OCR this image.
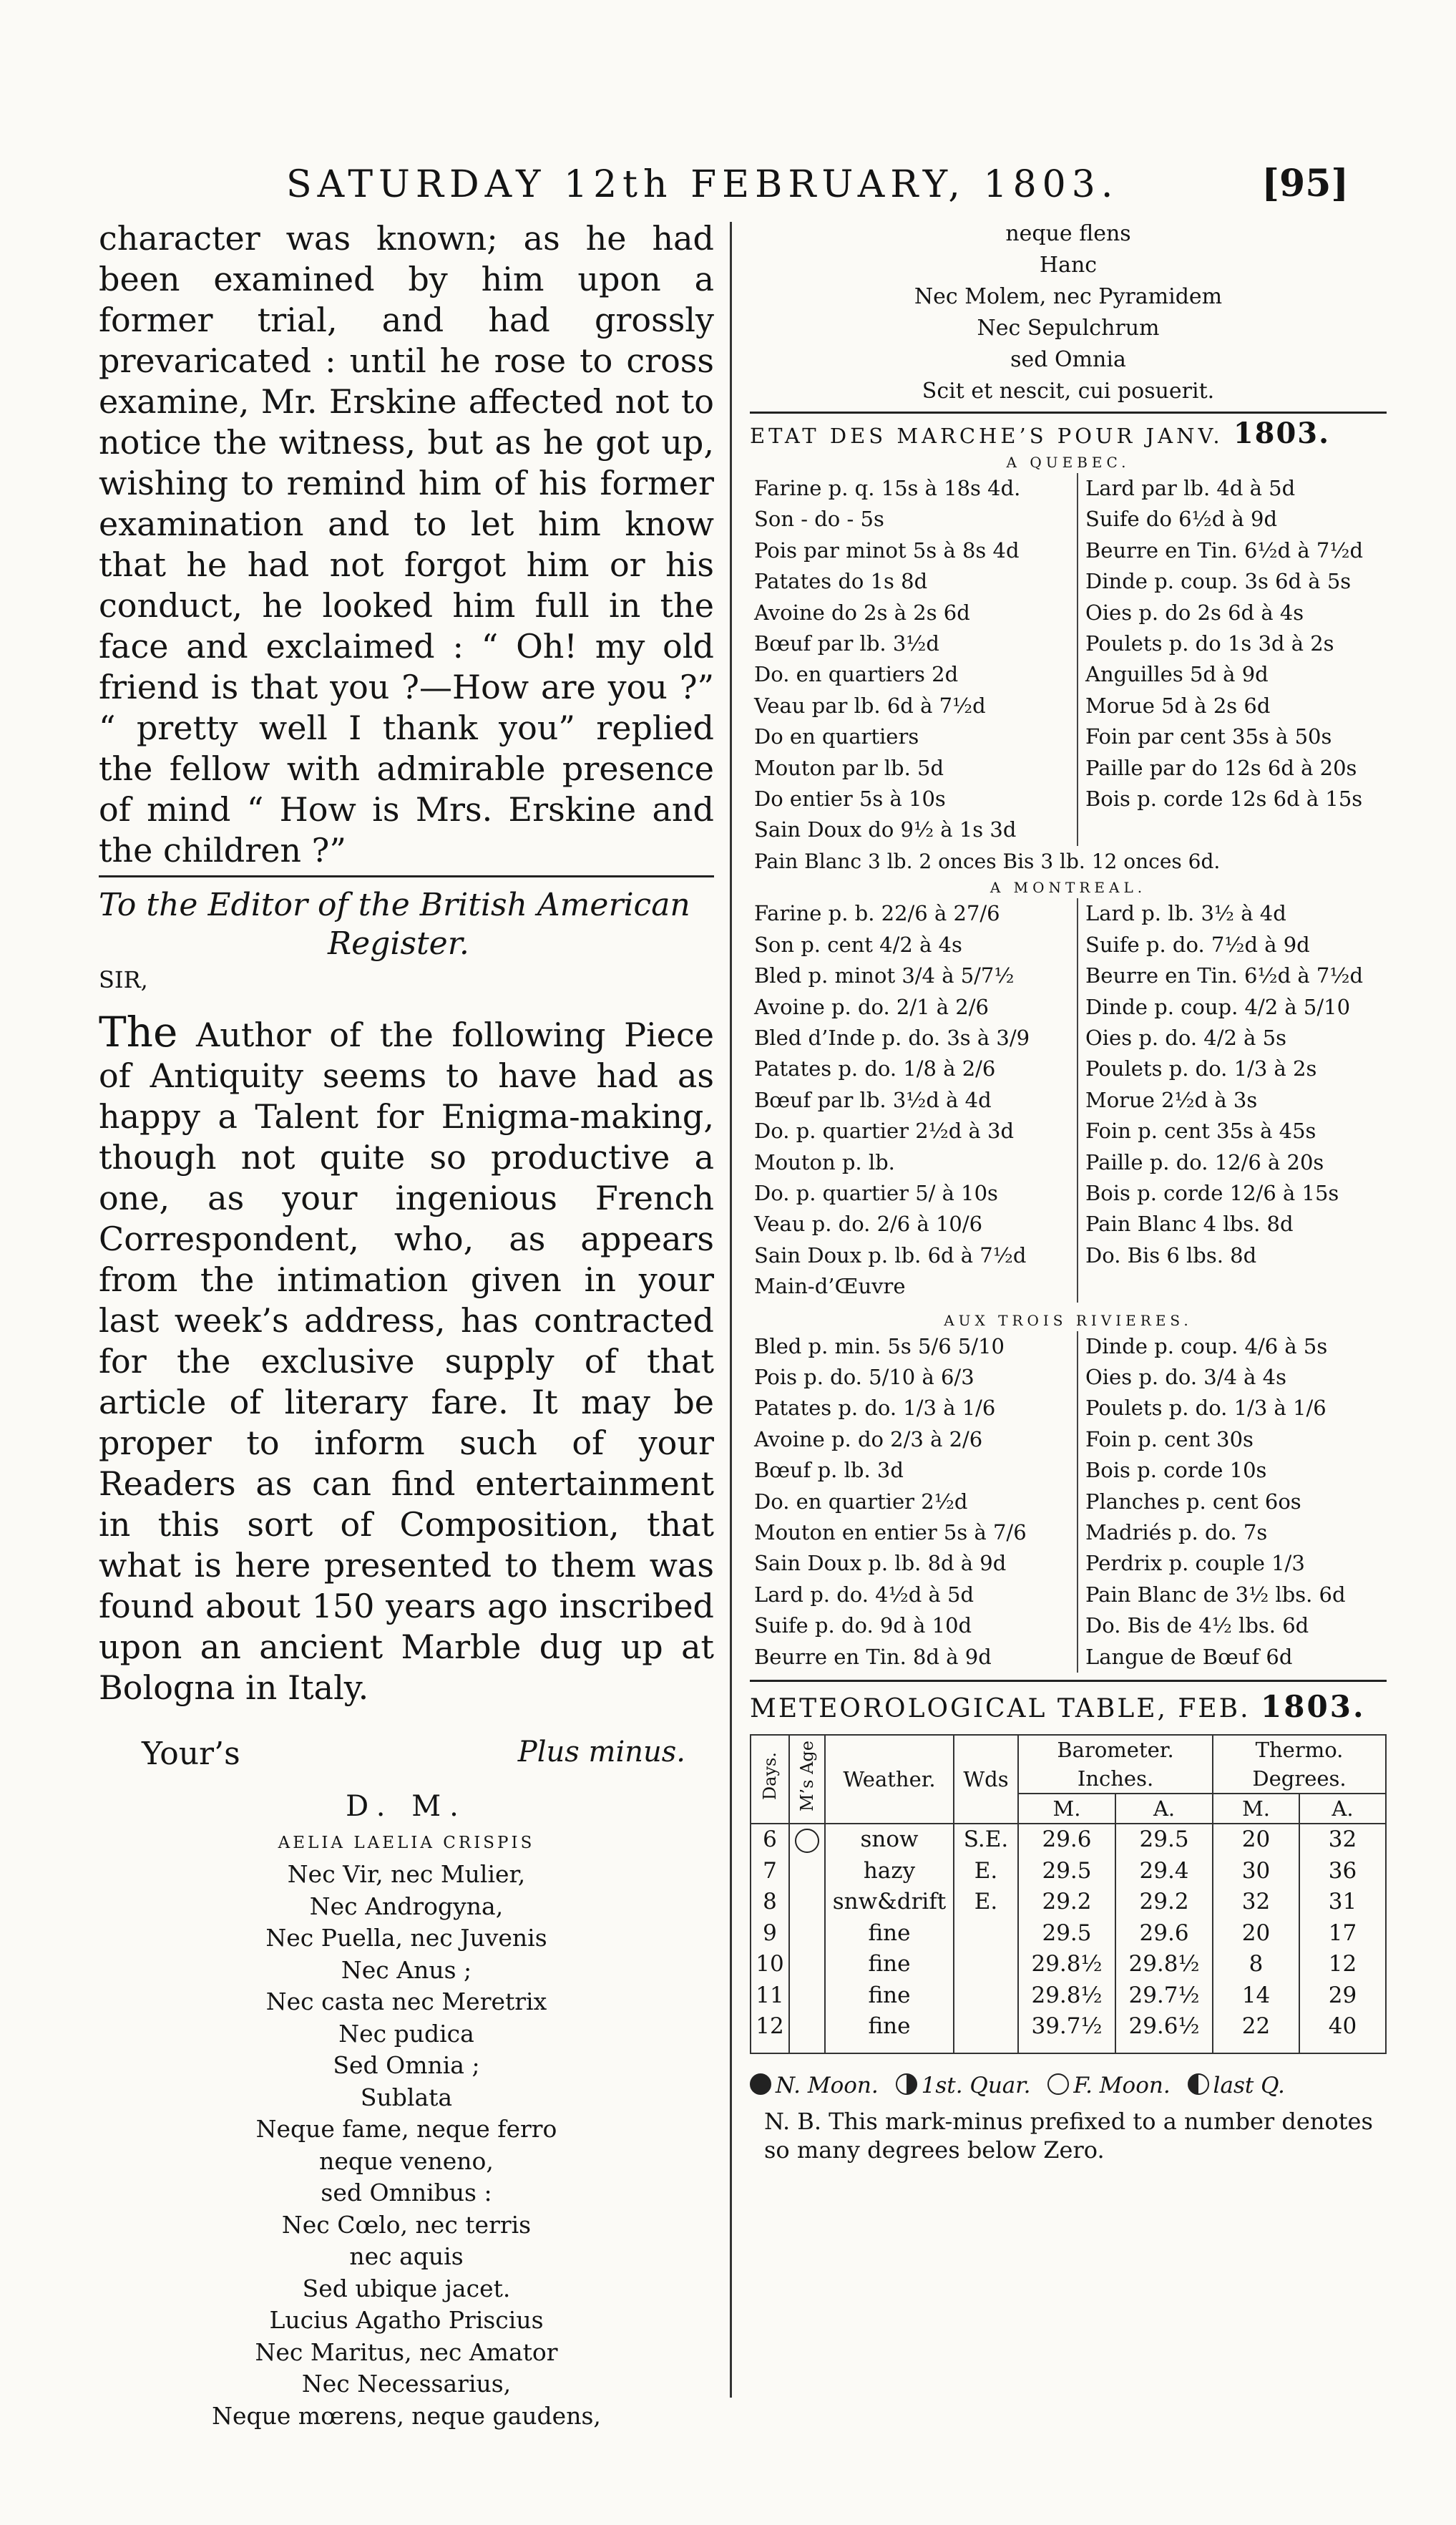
SATURDAY 12th FEBRUARY, 1803.	[95]

character was known; as he had been examined by him upon a former trial, and had grossly prevaricated : until he rose to cross examine, Mr. Erskine affected not to notice the witness, but as he got up, wishing to remind him of his former examination and to let him know that he had not forgot him or his conduct, he looked him full in the face and exclaimed : “ Oh! my old friend is that you ?—How are you ?” “ pretty well I thank you” replied the fellow with admirable presence of mind “ How is Mrs. Erskine and the children ?”

To the Editor of the British American
Register.
SIR,

The Author of the following Piece of Antiquity seems to have had as happy a Talent for Enigma-making, though not quite so productive a one, as your ingenious French Correspondent, who, as appears from the intimation given in your last week’s address, has contracted for the exclusive supply of that article of literary fare. It may be proper to inform such of your Readers as can find entertainment in this sort of Composition, that what is here presented to them was found about 150 years ago inscribed upon an ancient Marble dug up at Bologna in Italy.

Your’s	Plus minus.
D. M.
AELIA LAELIA CRISPIS
Nec Vir, nec Mulier,
Nec Androgyna,
Nec Puella, nec Juvenis
Nec Anus ;
Nec casta nec Meretrix
Nec pudica
Sed Omnia ;
Sublata
Neque fame, neque ferro
neque veneno,
sed Omnibus :
Nec Cœlo, nec terris
nec aquis
Sed ubique jacet.
Lucius Agatho Priscius
Nec Maritus, nec Amator
Nec Necessarius,
Neque mœrens, neque gaudens,
neque flens
Hanc
Nec Molem, nec Pyramidem
Nec Sepulchrum
sed Omnia
Scit et nescit, cui posuerit.
ETAT DES MARCHE’S POUR JANV. 1803.
A QUEBEC.
Farine p. q. 15s à 18s 4d.	Lard par lb. 4d à 5d
Son - do - 5s	Suife do 6½d à 9d
Pois par minot 5s à 8s 4d	Beurre en Tin. 6½d à 7½d
Patates do 1s 8d	Dinde p. coup. 3s 6d à 5s
Avoine do 2s à 2s 6d	Oies p. do 2s 6d à 4s
Bœuf par lb. 3½d	Poulets p. do 1s 3d à 2s
Do. en quartiers 2d	Anguilles 5d à 9d
Veau par lb. 6d à 7½d	Morue 5d à 2s 6d
Do en quartiers	Foin par cent 35s à 50s
Mouton par lb. 5d	Paille par do 12s 6d à 20s
Do entier 5s à 10s	Bois p. corde 12s 6d à 15s
Sain Doux do 9½ à 1s 3d	
Pain Blanc 3 lb. 2 onces Bis 3 lb. 12 onces 6d.	
A MONTREAL.
Farine p. b. 22/6 à 27/6	Lard p. lb. 3½ à 4d
Son p. cent 4/2 à 4s	Suife p. do. 7½d à 9d
Bled p. minot 3/4 à 5/7½	Beurre en Tin. 6½d à 7½d
Avoine p. do. 2/1 à 2/6	Dinde p. coup. 4/2 à 5/10
Bled d’Inde p. do. 3s à 3/9	Oies p. do. 4/2 à 5s
Patates p. do. 1/8 à 2/6	Poulets p. do. 1/3 à 2s
Bœuf par lb. 3½d à 4d	Morue 2½d à 3s
Do. p. quartier 2½d à 3d	Foin p. cent 35s à 45s
Mouton p. lb.	Paille p. do. 12/6 à 20s
Do. p. quartier 5/ à 10s	Bois p. corde 12/6 à 15s
Veau p. do. 2/6 à 10/6	Pain Blanc 4 lbs. 8d
Sain Doux p. lb. 6d à 7½d	Do. Bis 6 lbs. 8d
Main-d’Œuvre	
AUX TROIS RIVIERES.
Bled p. min. 5s 5/6 5/10	Dinde p. coup. 4/6 à 5s
Pois p. do. 5/10 à 6/3	Oies p. do. 3/4 à 4s
Patates p. do. 1/3 à 1/6	Poulets p. do. 1/3 à 1/6
Avoine p. do 2/3 à 2/6	Foin p. cent 30s
Bœuf p. lb. 3d	Bois p. corde 10s
Do. en quartier 2½d	Planches p. cent 6os
Mouton en entier 5s à 7/6	Madriés p. do. 7s
Sain Doux p. lb. 8d à 9d	Perdrix p. couple 1/3
Lard p. do. 4½d à 5d	Pain Blanc de 3½ lbs. 6d
Suife p. do. 9d à 10d	Do. Bis de 4½ lbs. 6d
Beurre en Tin. 8d à 9d	Langue de Bœuf 6d
METEOROLOGICAL TABLE, FEB. 1803.
Days.	M’s Age	Weather.	Wds	Barometer. Inches.		Thermo. Degrees.	
				M.	A.	M.	A.
6		snow	S.E.	29.6	29.5	20	32
7		hazy	E.	29.5	29.4	30	36
8		snw&drift	E.	29.2	29.2	32	31
9		fine		29.5	29.6	20	17
10		fine		29.8½	29.8½	8	12
11		fine		29.8½	29.7½	14	29
12		fine		39.7½	29.6½	22	40
N. Moon. 1st. Quar. F. Moon. last Q.
N. B. This mark-minus prefixed to a number denotes so many degrees below Zero.
